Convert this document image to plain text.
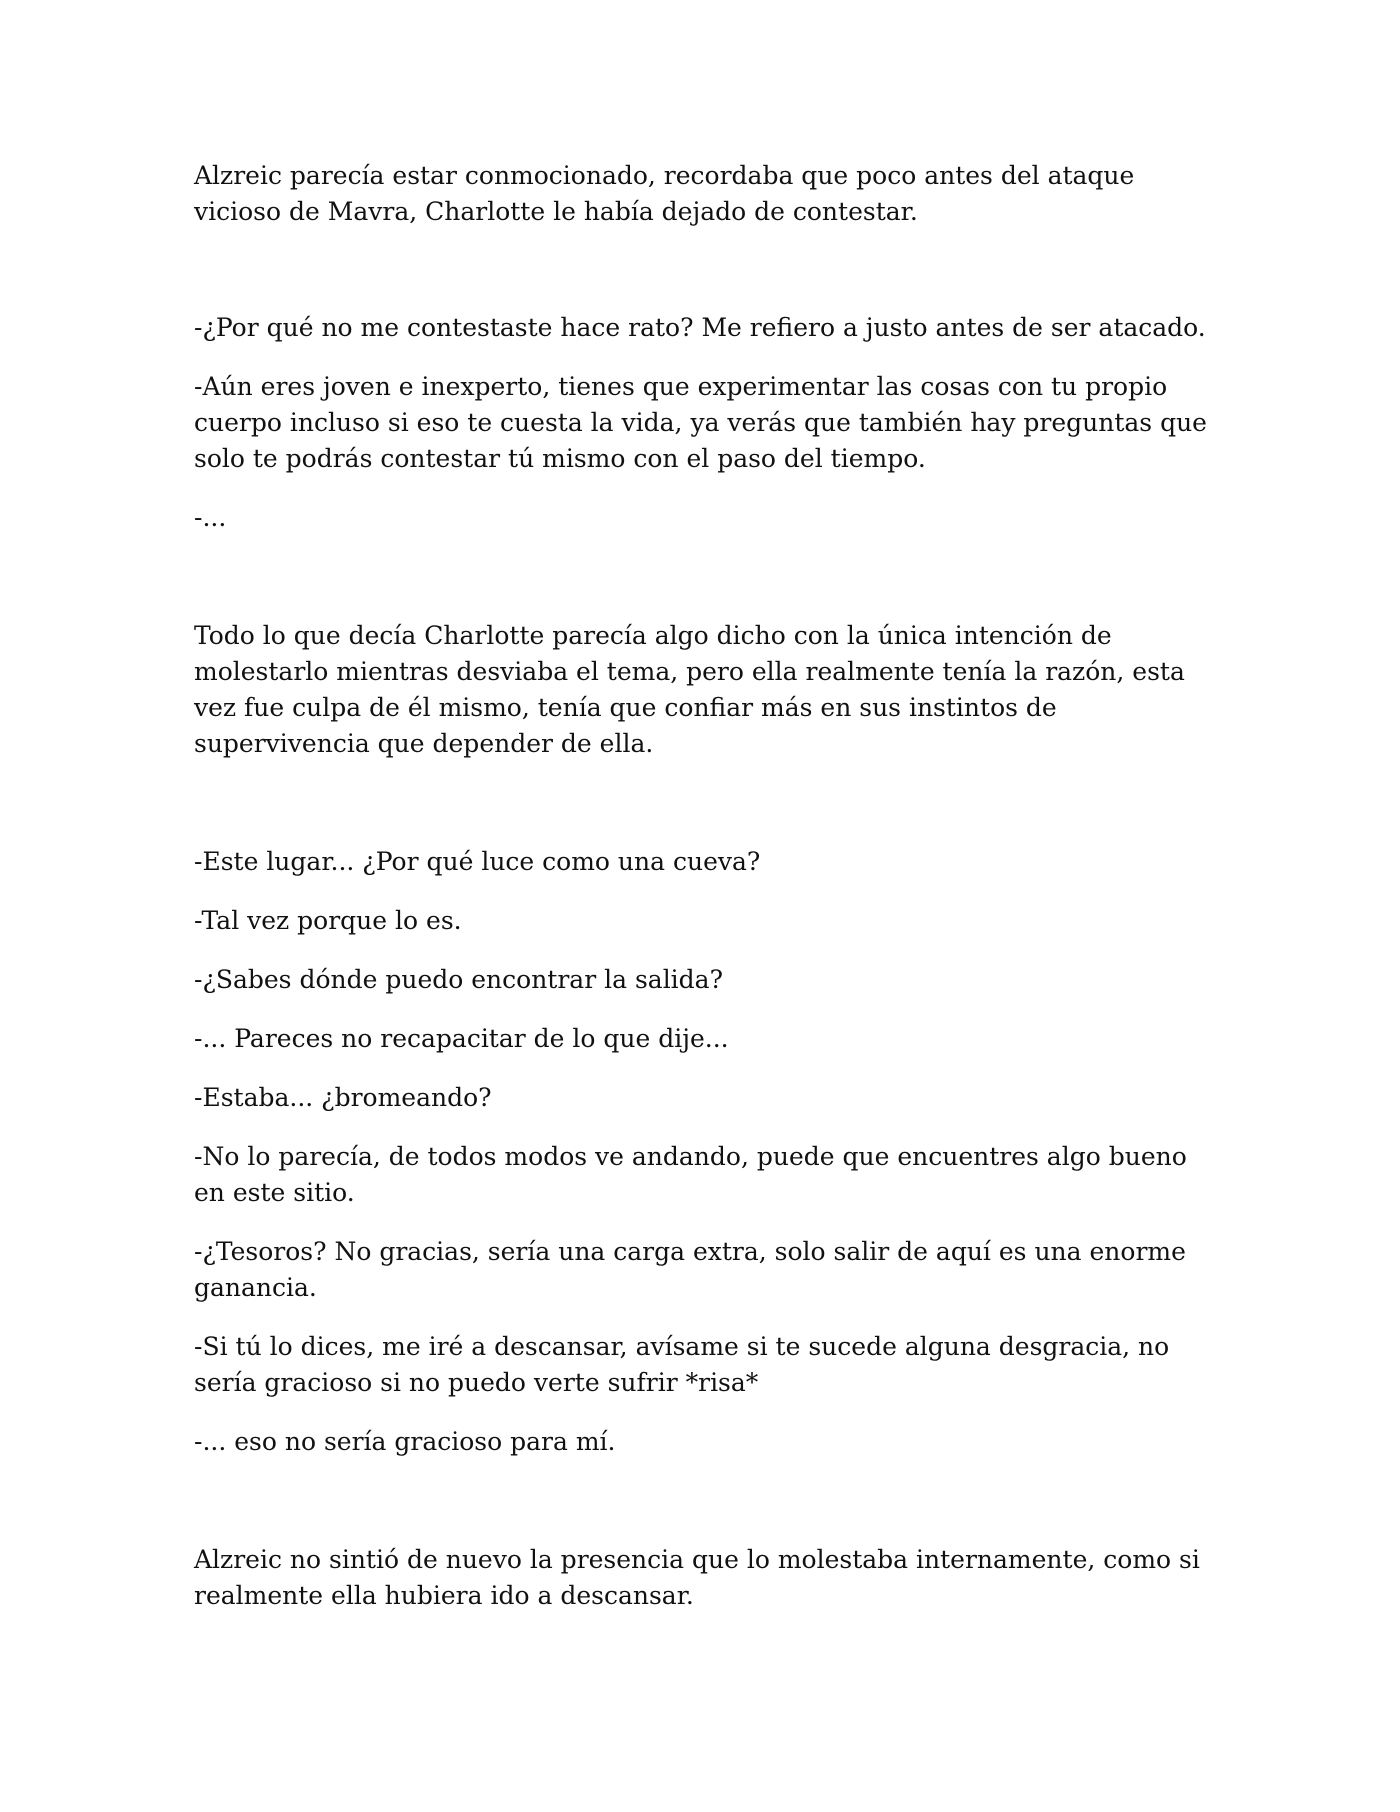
Alzreic parecía estar conmocionado, recordaba que poco antes del ataque vicioso de Mavra, Charlotte le había dejado de contestar.

-¿Por qué no me contestaste hace rato? Me refiero a justo antes de ser atacado.

-Aún eres joven e inexperto, tienes que experimentar las cosas con tu propio cuerpo incluso si eso te cuesta la vida, ya verás que también hay preguntas que solo te podrás contestar tú mismo con el paso del tiempo.

-...

Todo lo que decía Charlotte parecía algo dicho con la única intención de molestarlo mientras desviaba el tema, pero ella realmente tenía la razón, esta vez fue culpa de él mismo, tenía que confiar más en sus instintos de supervivencia que depender de ella.

-Este lugar... ¿Por qué luce como una cueva?

-Tal vez porque lo es.

-¿Sabes dónde puedo encontrar la salida?

-... Pareces no recapacitar de lo que dije...

-Estaba... ¿bromeando?

-No lo parecía, de todos modos ve andando, puede que encuentres algo bueno en este sitio.

-¿Tesoros? No gracias, sería una carga extra, solo salir de aquí es una enorme ganancia.

-Si tú lo dices, me iré a descansar, avísame si te sucede alguna desgracia, no sería gracioso si no puedo verte sufrir *risa*

-... eso no sería gracioso para mí.

Alzreic no sintió de nuevo la presencia que lo molestaba internamente, como si realmente ella hubiera ido a descansar.
